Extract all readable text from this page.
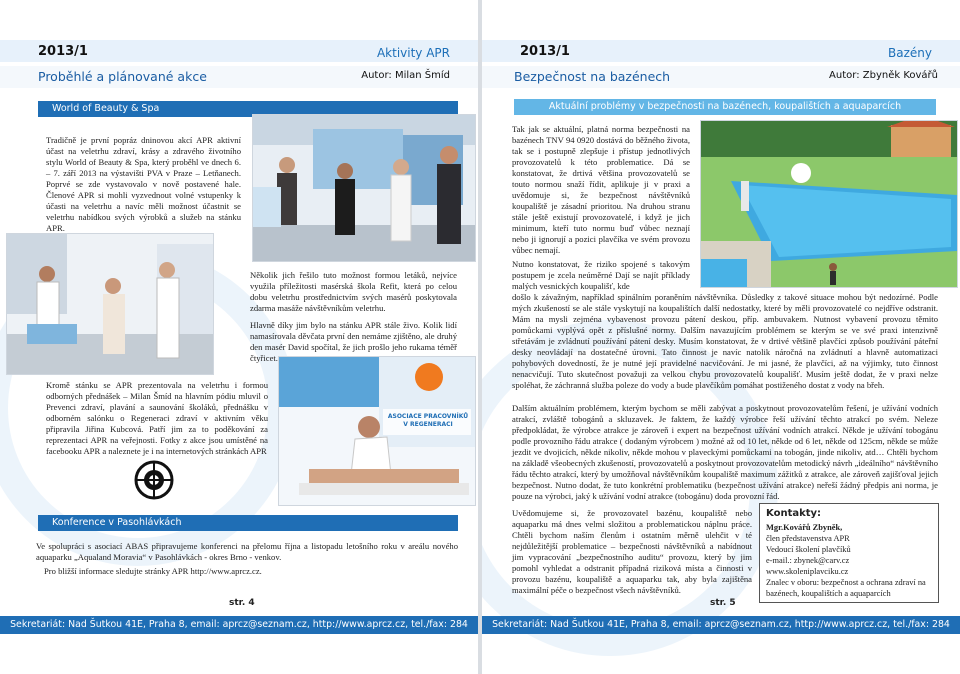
2013/1	Aktivity APR
Proběhlé a plánované akce	Autor: Milan Šmíd
World of Beauty & Spa
Tradičně je první popráz dninovou akcí APR aktivní účast na veletrhu zdraví, krásy a zdravého životního stylu World of Beauty & Spa, který proběhl ve dnech 6. – 7. září 2013 na výstavišti PVA v Praze – Letňanech. Poprvé se zde vystavovalo v nově postavené hale. Členové APR si mohli vyzvednout volné vstupenky k účasti na veletrhu a navíc měli možnost účastnit se veletrhu nabídkou svých výrobků a služeb na stánku APR.
Několik jich řešilo tuto možnost formou letáků, nejvíce využila příležitosti masérská škola Refit, která po celou dobu veletrhu prostřednictvím svých masérů poskytovala zdarma masáže návštěvníkům veletrhu.
Hlavně díky jim bylo na stánku APR stále živo. Kolik lidí namasírovala děvčata první den nemáme zjištěno, ale druhý den masér David spočítal, že jich prošlo jeho rukama téměř čtyřicet.
ASOCIACE PRACOVNÍKŮ V REGENERACI
Kromě stánku se APR prezentovala na veletrhu i formou odborných přednášek – Milan Šmíd na hlavním pódiu mluvil o Prevenci zdraví, plavání a saunování školáků, přednášku v odborném salónku o Regeneraci zdraví v aktivním věku připravila Jiřina Kubcová. Patří jim za to poděkování za reprezentaci APR na veřejnosti. Fotky z akce jsou umístěné na facebooku APR a naleznete je i na internetových stránkách APR
Konference v Pasohlávkách
Ve spolupráci s asociací ABAS připravujeme konferenci na přelomu října a listopadu letošního roku v areálu nového aquaparku „Aqualand Moravia“ v Pasohlávkách - okres Brno - venkov.
Pro bližší informace sledujte stránky APR http://www.aprcz.cz.
str. 4
Sekretariát: Nad Šutkou 41E, Praha 8, email: aprcz@seznam.cz, http://www.aprcz.cz, tel./fax: 284 021 911/9
2013/1	Bazény
Bezpečnost na bazénech	Autor: Zbyněk Kovářů
Aktuální problémy v bezpečnosti na bazénech, koupalištích a aquaparcích
Tak jak se aktuální, platná norma bezpečnosti na bazénech TNV 94 0920 dostává do běžného života, tak se i postupně zlepšuje i přístup jednotlivých provozovatelů k této problematice. Dá se konstatovat, že drtivá většina provozovatelů se touto normou snaží řídit, aplikuje ji v praxi a uvědomuje si, že bezpečnost návštěvníků koupaliště je zásadní prioritou. Na druhou stranu stále ještě existují provozovatelé, i když je jich minimum, kteří tuto normu buď vůbec neznají nebo ji ignorují a pozici plavčíka ve svém provozu vůbec nemají.
Nutno konstatovat, že riziko spojené s takovým postupem je zcela neúměrné Dají se najít příklady malých vesnických koupališť, kde
došlo k závažným, například spinálním poraněním návštěvníka. Důsledky z takové situace mohou být nedozírné. Podle mých zkušeností se ale stále vyskytují na koupalištích další nedostatky, které by měli provozovatelé co nejdříve odstranit. Mám na mysli zejména vybavenost provozu pátení deskou, příp. ambuvakem. Nutnost vybavení provozu těmito pomůckami vyplývá opět z příslušné normy. Dalším navazujícím problémem se kterým se ve své praxi intenzivně střetávám je zvládnutí používání pátení desky. Musím konstatovat, že v drtivé většině plavčíci způsob používání páteřní desky neovládají na dostatečné úrovni. Tato činnost je navíc natolik náročná na zvládnutí a hlavně automatizaci pohybových dovedností, že je nutné její pravidelné nacvičování. Je mi jasné, že plavčíci, až na výjimky, tuto činnost nenacvičují. Tuto skutečnost považuji za velkou chybu provozovatelů koupališť. Musím ještě dodat, že v praxi nelze spoléhat, že záchranná služba poleze do vody a bude plavčíkům pomáhat postiženého dostat z vody na břeh.
Dalším aktuálním problémem, kterým bychom se měli zabývat a poskytnout provozovatelům řešení, je užívání vodních atrakcí, zvláště tobogánů a skluzavek. Je faktem, že každý výrobce řeší užívání těchto atrakcí po svém. Neleze předpokládat, že výrobce atrakce je zároveň i expert na bezpečnost užívání vodních atrakcí. Někde je užívání tobogánu podle provozního řádu atrakce ( dodaným výrobcem ) možné až od 10 let, někde od 6 let, někde od 125cm, někde se může jezdit ve dvojicích, někde nikoliv, někde mohou v plaveckými pomůckami na tobogán, jinde nikoliv, atd… Chtěli bychom na základě všeobecných zkušeností, provozovatelů a poskytnout provozovatelům metodický návrh „ideálního“ návštěvního řádu těchto atrakcí, který by umožňoval návštěvníkům koupaliště maximum zážitků z atrakce, ale zároveň zajišťoval jejich bezpečnost. Nutno dodat, že tuto konkrétní problematiku (bezpečnost užívání atrakce) neřeší žádný předpis ani norma, je pouze na výrobci, jaký k užívání vodní atrakce (tobogánu) doda provozní řád.
Uvědomujeme si, že provozovatel bazénu, koupaliště nebo aquaparku má dnes velmi složitou a problematickou náplnu práce. Chtěli bychom naším členům i ostatním měrně ulehčit v té nejdůležitější problematice – bezpečnosti návštěvníků a nabídnout jim vypracování „bezpečnostního auditu“ provozu, který by jim pomohl vyhledat a odstranit případná riziková místa a činnosti v provozu bazénu, koupaliště a aquaparku tak, aby byla zajištěna maximální péče o bezpečnost všech návštěvníků.
Kontakty:
Mgr.Kovářů Zbyněk,
člen představenstva APR
Vedoucí školení plavčíků
e-mail.: zbynek@carv.cz
www.skoleniplavciku.cz
Znalec v oboru: bezpečnost a ochrana zdraví na bazénech, koupalištích a aquaparcích
str. 5
Sekretariát: Nad Šutkou 41E, Praha 8, email: aprcz@seznam.cz, http://www.aprcz.cz, tel./fax: 284 021 911/9
